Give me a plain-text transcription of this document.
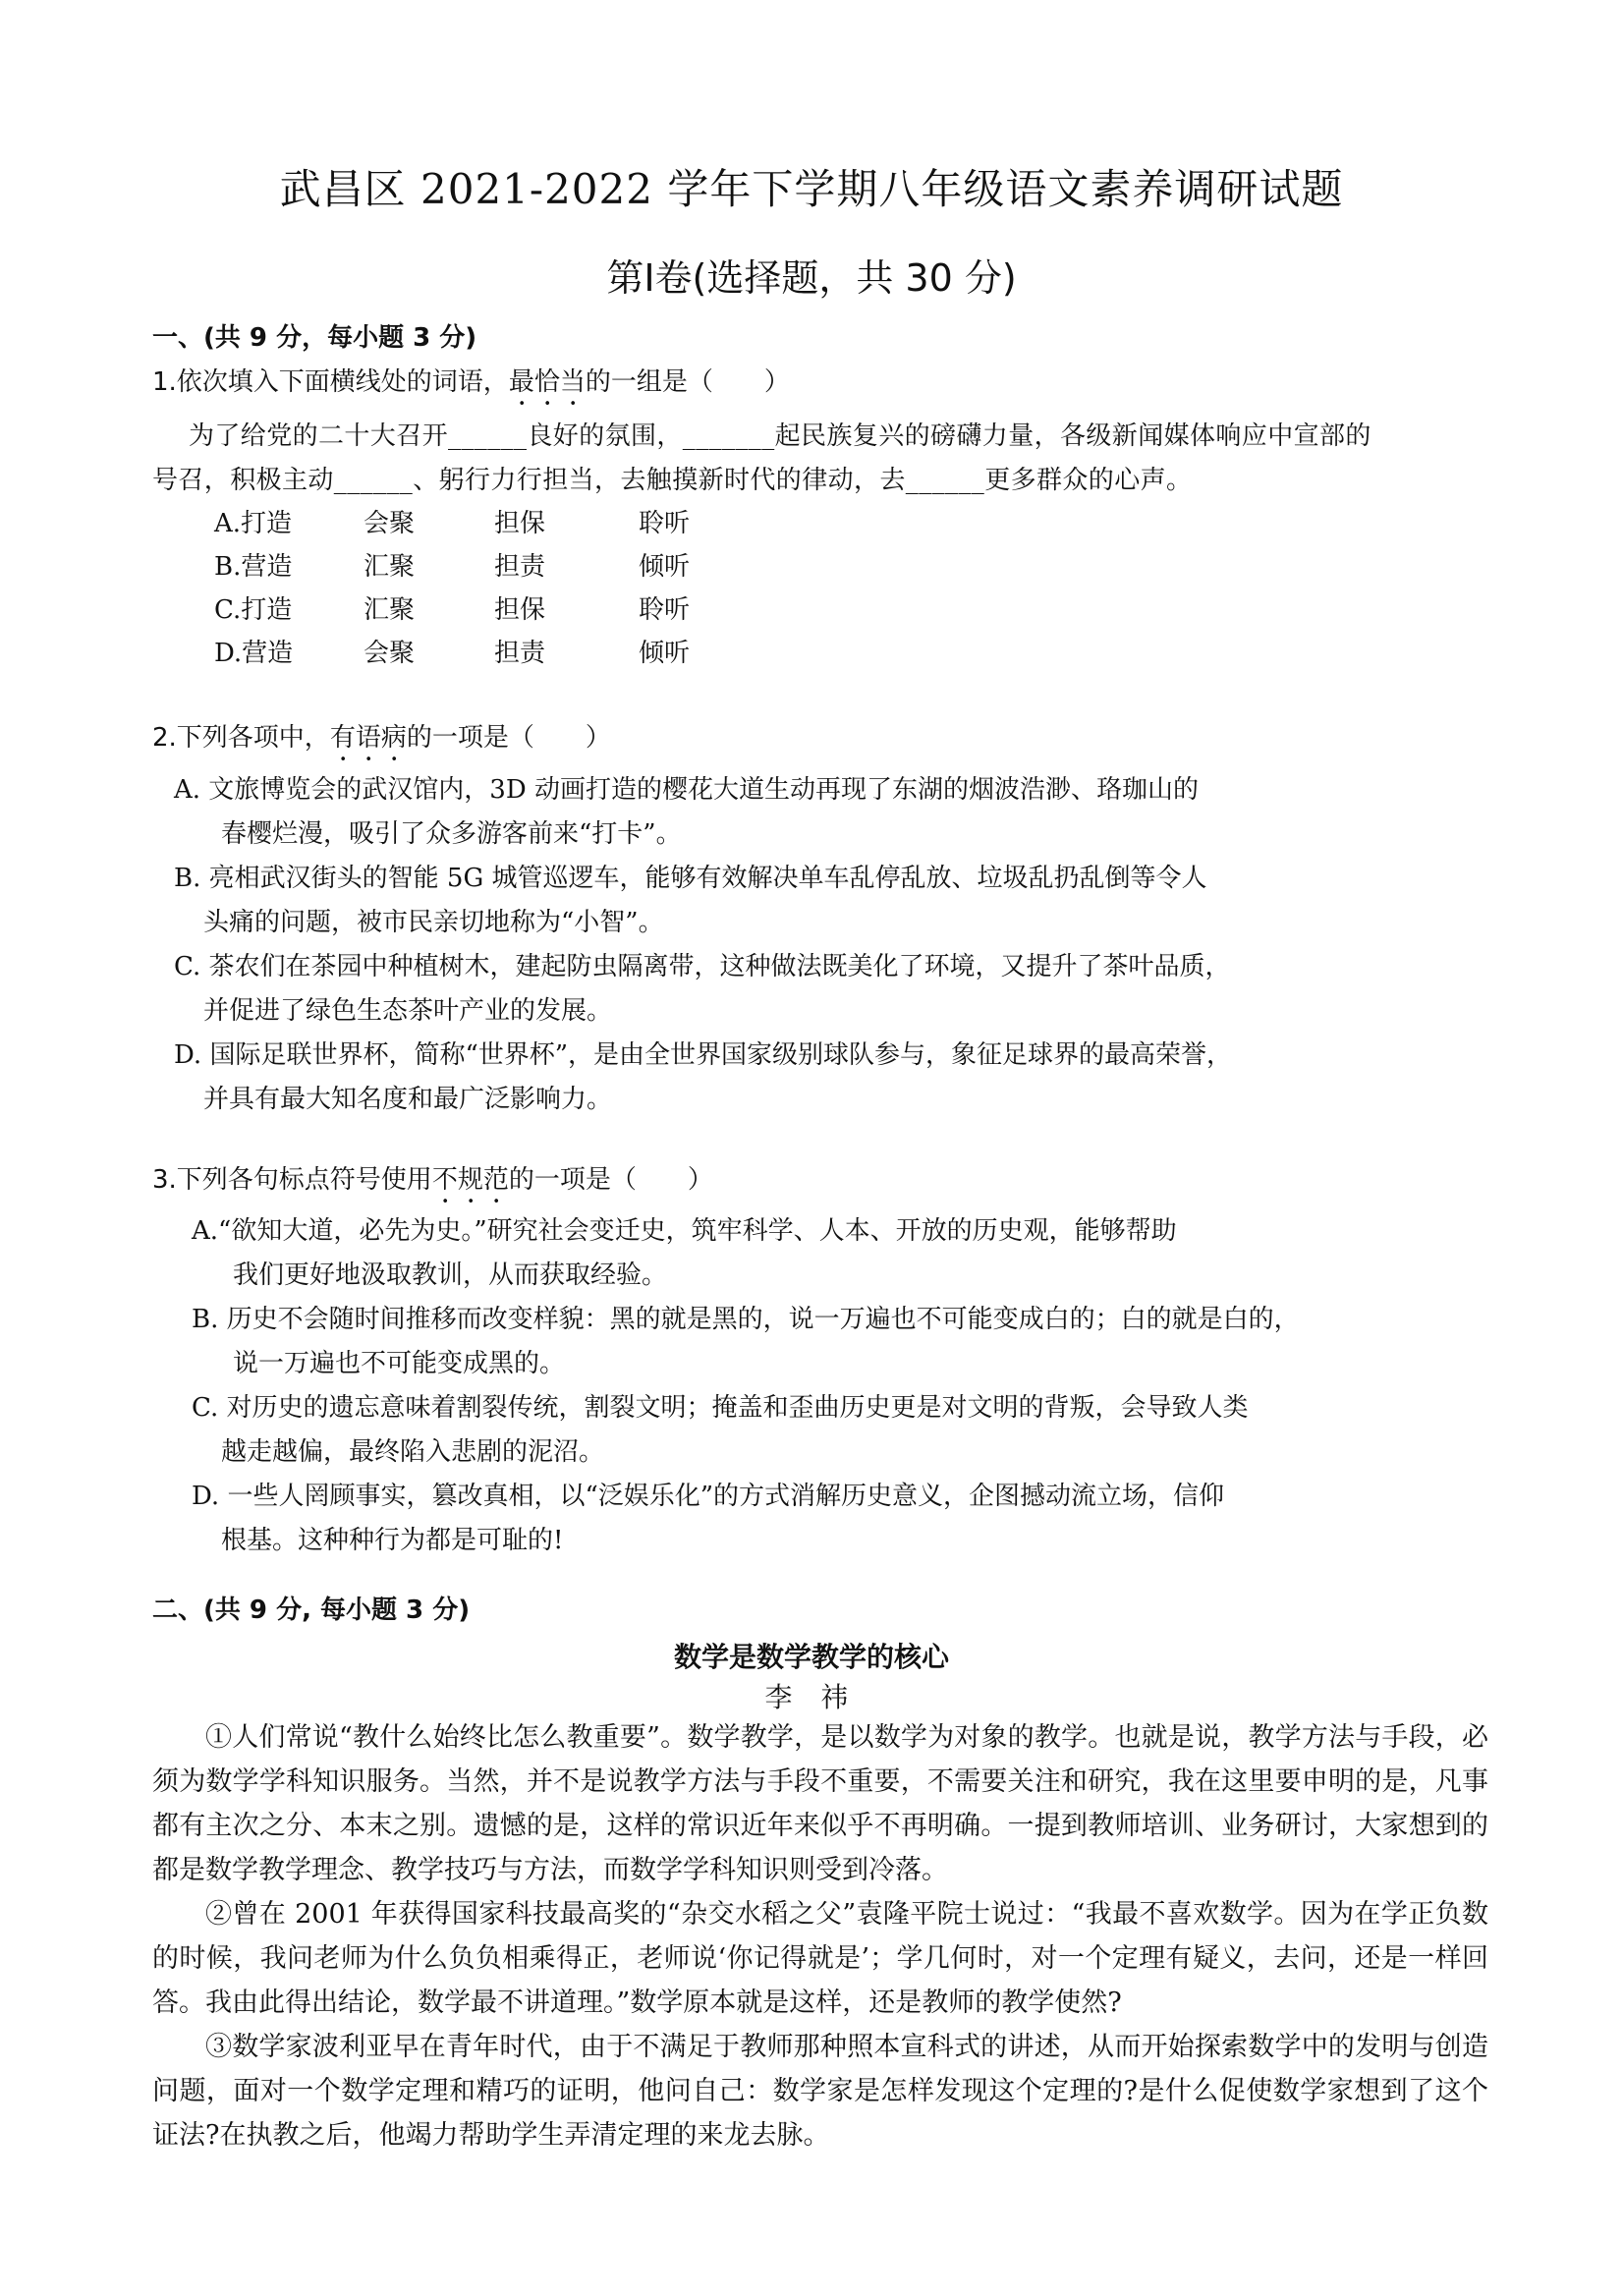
武昌区 2021-2022 学年下学期八年级语文素养调研试题
第Ⅰ卷(选择题，共 30 分)
一、(共 9 分，每小题 3 分)
1.依次填入下面横线处的词语，最恰当的一组是（　　）
为了给党的二十大召开______良好的氛围，_______起民族复兴的磅礴力量，各级新闻媒体响应中宣部的
号召，积极主动______、躬行力行担当，去触摸新时代的律动，去______更多群众的心声。
A.打造	会聚	担保	聆听
B.营造	汇聚	担责	倾听
C.打造	汇聚	担保	聆听
D.营造	会聚	担责	倾听
2.下列各项中，有语病的一项是（　　）
A. 文旅博览会的武汉馆内，3D 动画打造的樱花大道生动再现了东湖的烟波浩渺、珞珈山的
春樱烂漫，吸引了众多游客前来“打卡”。
B. 亮相武汉街头的智能 5G 城管巡逻车，能够有效解决单车乱停乱放、垃圾乱扔乱倒等令人
头痛的问题，被市民亲切地称为“小智”。
C. 茶农们在茶园中种植树木，建起防虫隔离带，这种做法既美化了环境，又提升了茶叶品质，
并促进了绿色生态茶叶产业的发展。
D. 国际足联世界杯，简称“世界杯”，是由全世界国家级别球队参与，象征足球界的最高荣誉，
并具有最大知名度和最广泛影响力。
3.下列各句标点符号使用不规范的一项是（　　）
A.“欲知大道，必先为史。”研究社会变迁史，筑牢科学、人本、开放的历史观，能够帮助
我们更好地汲取教训，从而获取经验。
B. 历史不会随时间推移而改变样貌：黑的就是黑的，说一万遍也不可能变成白的；白的就是白的，
说一万遍也不可能变成黑的。
C. 对历史的遗忘意味着割裂传统，割裂文明；掩盖和歪曲历史更是对文明的背叛，会导致人类
越走越偏，最终陷入悲剧的泥沼。
D. 一些人罔顾事实，篡改真相，以“泛娱乐化”的方式消解历史意义，企图撼动流立场，信仰
根基。这种种行为都是可耻的!
二、(共 9 分, 每小题 3 分)
数学是数学教学的核心
李 祎
①人们常说“教什么始终比怎么教重要”。数学教学，是以数学为对象的教学。也就是说，教学方法与手段，必须为数学学科知识服务。当然，并不是说教学方法与手段不重要，不需要关注和研究，我在这里要申明的是，凡事都有主次之分、本末之别。遗憾的是，这样的常识近年来似乎不再明确。一提到教师培训、业务研讨，大家想到的都是数学教学理念、教学技巧与方法，而数学学科知识则受到冷落。
②曾在 2001 年获得国家科技最高奖的“杂交水稻之父”袁隆平院士说过：“我最不喜欢数学。因为在学正负数的时候，我问老师为什么负负相乘得正，老师说‘你记得就是’；学几何时，对一个定理有疑义，去问，还是一样回答。我由此得出结论，数学最不讲道理。”数学原本就是这样，还是教师的教学使然?
③数学家波利亚早在青年时代，由于不满足于教师那种照本宣科式的讲述，从而开始探索数学中的发明与创造问题，面对一个数学定理和精巧的证明，他问自己：数学家是怎样发现这个定理的?是什么促使数学家想到了这个证法?在执教之后，他竭力帮助学生弄清定理的来龙去脉。
